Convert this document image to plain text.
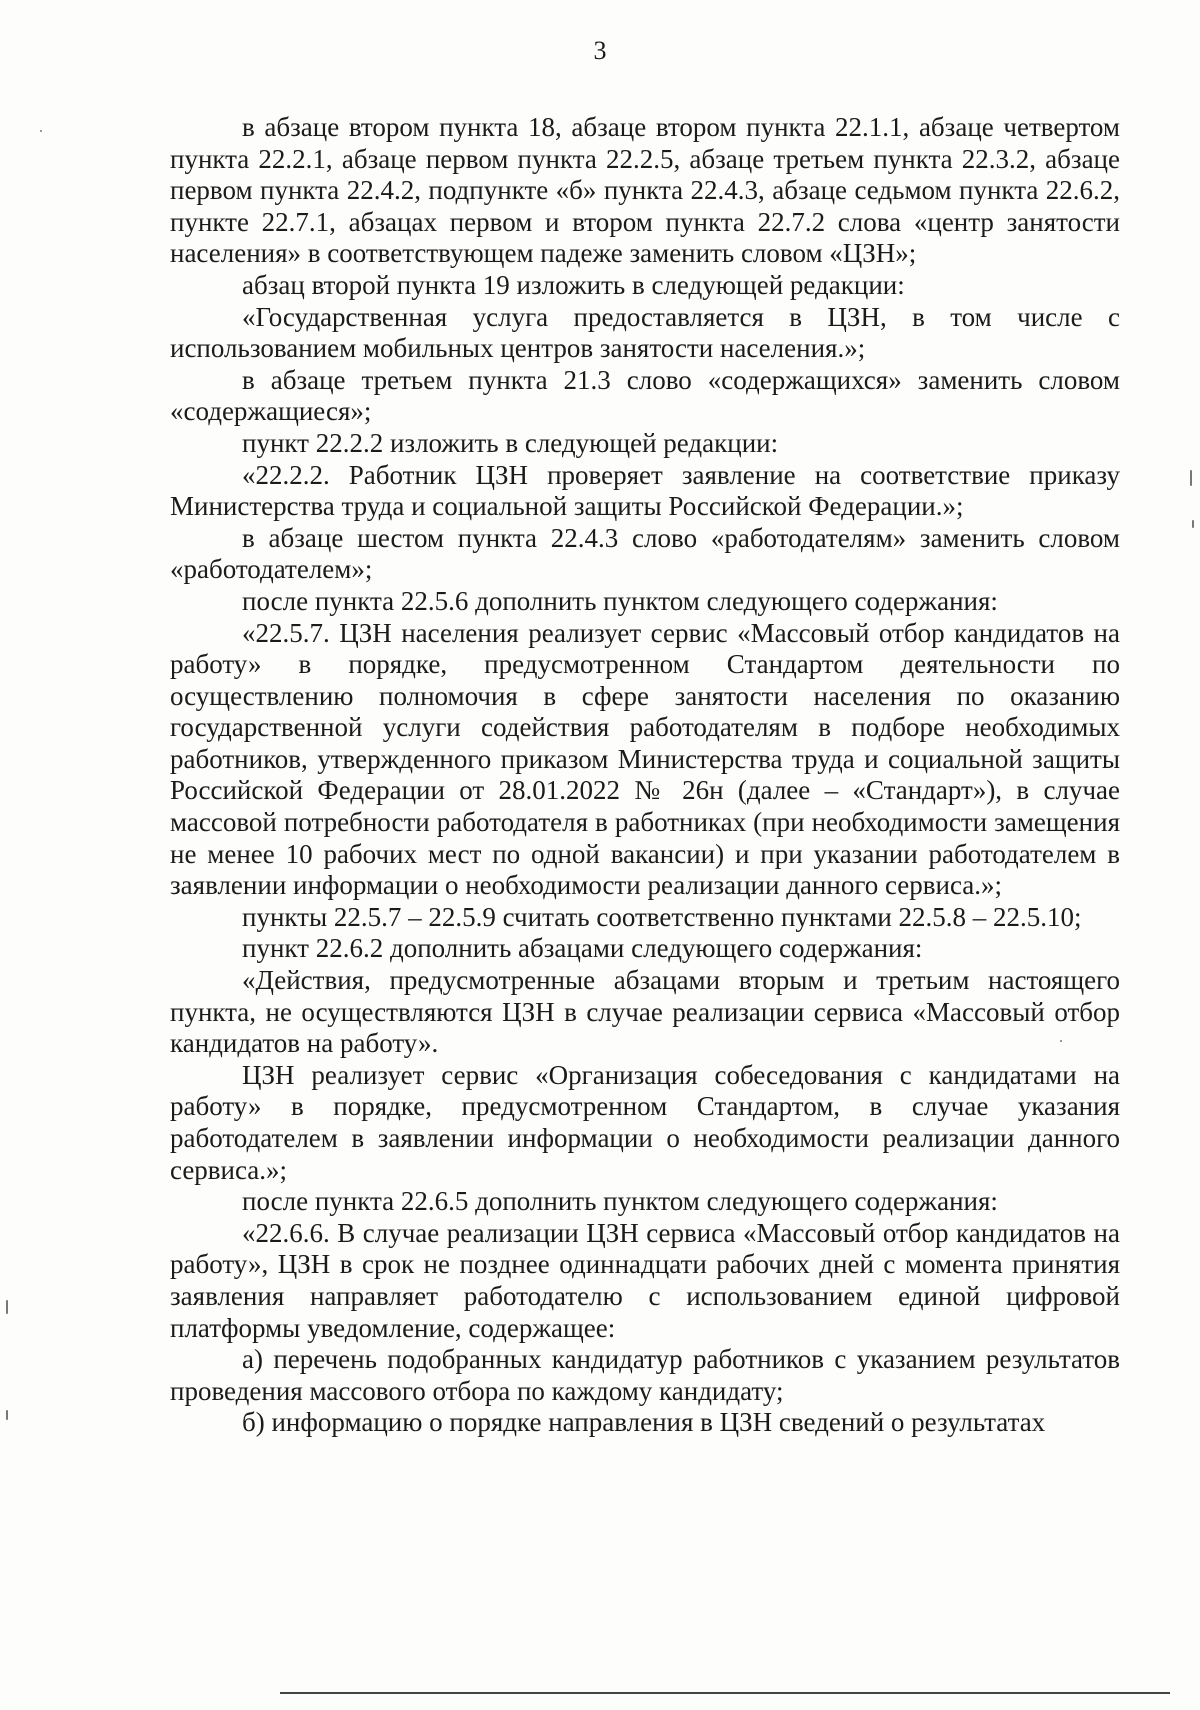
3

в абзаце втором пункта 18, абзаце втором пункта 22.1.1, абзаце четвертом пункта 22.2.1, абзаце первом пункта 22.2.5, абзаце третьем пункта 22.3.2, абзаце первом пункта 22.4.2, подпункте «б» пункта 22.4.3, абзаце седьмом пункта 22.6.2, пункте 22.7.1, абзацах первом и втором пункта 22.7.2 слова «центр занятости населения» в соответствующем падеже заменить словом «ЦЗН»;

абзац второй пункта 19 изложить в следующей редакции:

«Государственная услуга предоставляется в ЦЗН, в том числе с использованием мобильных центров занятости населения.»;

в абзаце третьем пункта 21.3 слово «содержащихся» заменить словом «содержащиеся»;

пункт 22.2.2 изложить в следующей редакции:

«22.2.2. Работник ЦЗН проверяет заявление на соответствие приказу Министерства труда и социальной защиты Российской Федерации.»;

в абзаце шестом пункта 22.4.3 слово «работодателям» заменить словом «работодателем»;

после пункта 22.5.6 дополнить пунктом следующего содержания:

«22.5.7. ЦЗН населения реализует сервис «Массовый отбор кандидатов на работу» в порядке, предусмотренном Стандартом деятельности по осуществлению полномочия в сфере занятости населения по оказанию государственной услуги содействия работодателям в подборе необходимых работников, утвержденного приказом Министерства труда и социальной защиты Российской Федерации от 28.01.2022 № 26н (далее – «Стандарт»), в случае массовой потребности работодателя в работниках (при необходимости замещения не менее 10 рабочих мест по одной вакансии) и при указании работодателем в заявлении информации о необходимости реализации данного сервиса.»;

пункты 22.5.7 – 22.5.9 считать соответственно пунктами 22.5.8 – 22.5.10;

пункт 22.6.2 дополнить абзацами следующего содержания:

«Действия, предусмотренные абзацами вторым и третьим настоящего пункта, не осуществляются ЦЗН в случае реализации сервиса «Массовый отбор кандидатов на работу».

ЦЗН реализует сервис «Организация собеседования с кандидатами на работу» в порядке, предусмотренном Стандартом, в случае указания работодателем в заявлении информации о необходимости реализации данного сервиса.»;

после пункта 22.6.5 дополнить пунктом следующего содержания:

«22.6.6. В случае реализации ЦЗН сервиса «Массовый отбор кандидатов на работу», ЦЗН в срок не позднее одиннадцати рабочих дней с момента принятия заявления направляет работодателю с использованием единой цифровой платформы уведомление, содержащее:

а) перечень подобранных кандидатур работников с указанием результатов проведения массового отбора по каждому кандидату;

б) информацию о порядке направления в ЦЗН сведений о результатах
